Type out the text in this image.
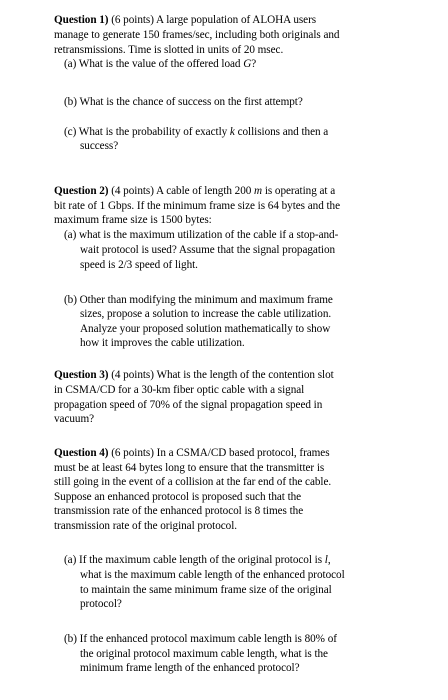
Question 1) (6 points) A large population of ALOHA users
manage to generate 150 frames/sec, including both originals and
retransmissions. Time is slotted in units of 20 msec.
(a) What is the value of the offered load G?
(b) What is the chance of success on the first attempt?
(c) What is the probability of exactly k collisions and then a
success?
Question 2) (4 points) A cable of length 200 m is operating at a
bit rate of 1 Gbps. If the minimum frame size is 64 bytes and the
maximum frame size is 1500 bytes:
(a) what is the maximum utilization of the cable if a stop-and-
wait protocol is used? Assume that the signal propagation
speed is 2/3 speed of light.
(b) Other than modifying the minimum and maximum frame
sizes, propose a solution to increase the cable utilization.
Analyze your proposed solution mathematically to show
how it improves the cable utilization.
Question 3) (4 points) What is the length of the contention slot
in CSMA/CD for a 30-km fiber optic cable with a signal
propagation speed of 70% of the signal propagation speed in
vacuum?
Question 4) (6 points) In a CSMA/CD based protocol, frames
must be at least 64 bytes long to ensure that the transmitter is
still going in the event of a collision at the far end of the cable.
Suppose an enhanced protocol is proposed such that the
transmission rate of the enhanced protocol is 8 times the
transmission rate of the original protocol.
(a) If the maximum cable length of the original protocol is l,
what is the maximum cable length of the enhanced protocol
to maintain the same minimum frame size of the original
protocol?
(b) If the enhanced protocol maximum cable length is 80% of
the original protocol maximum cable length, what is the
minimum frame length of the enhanced protocol?
